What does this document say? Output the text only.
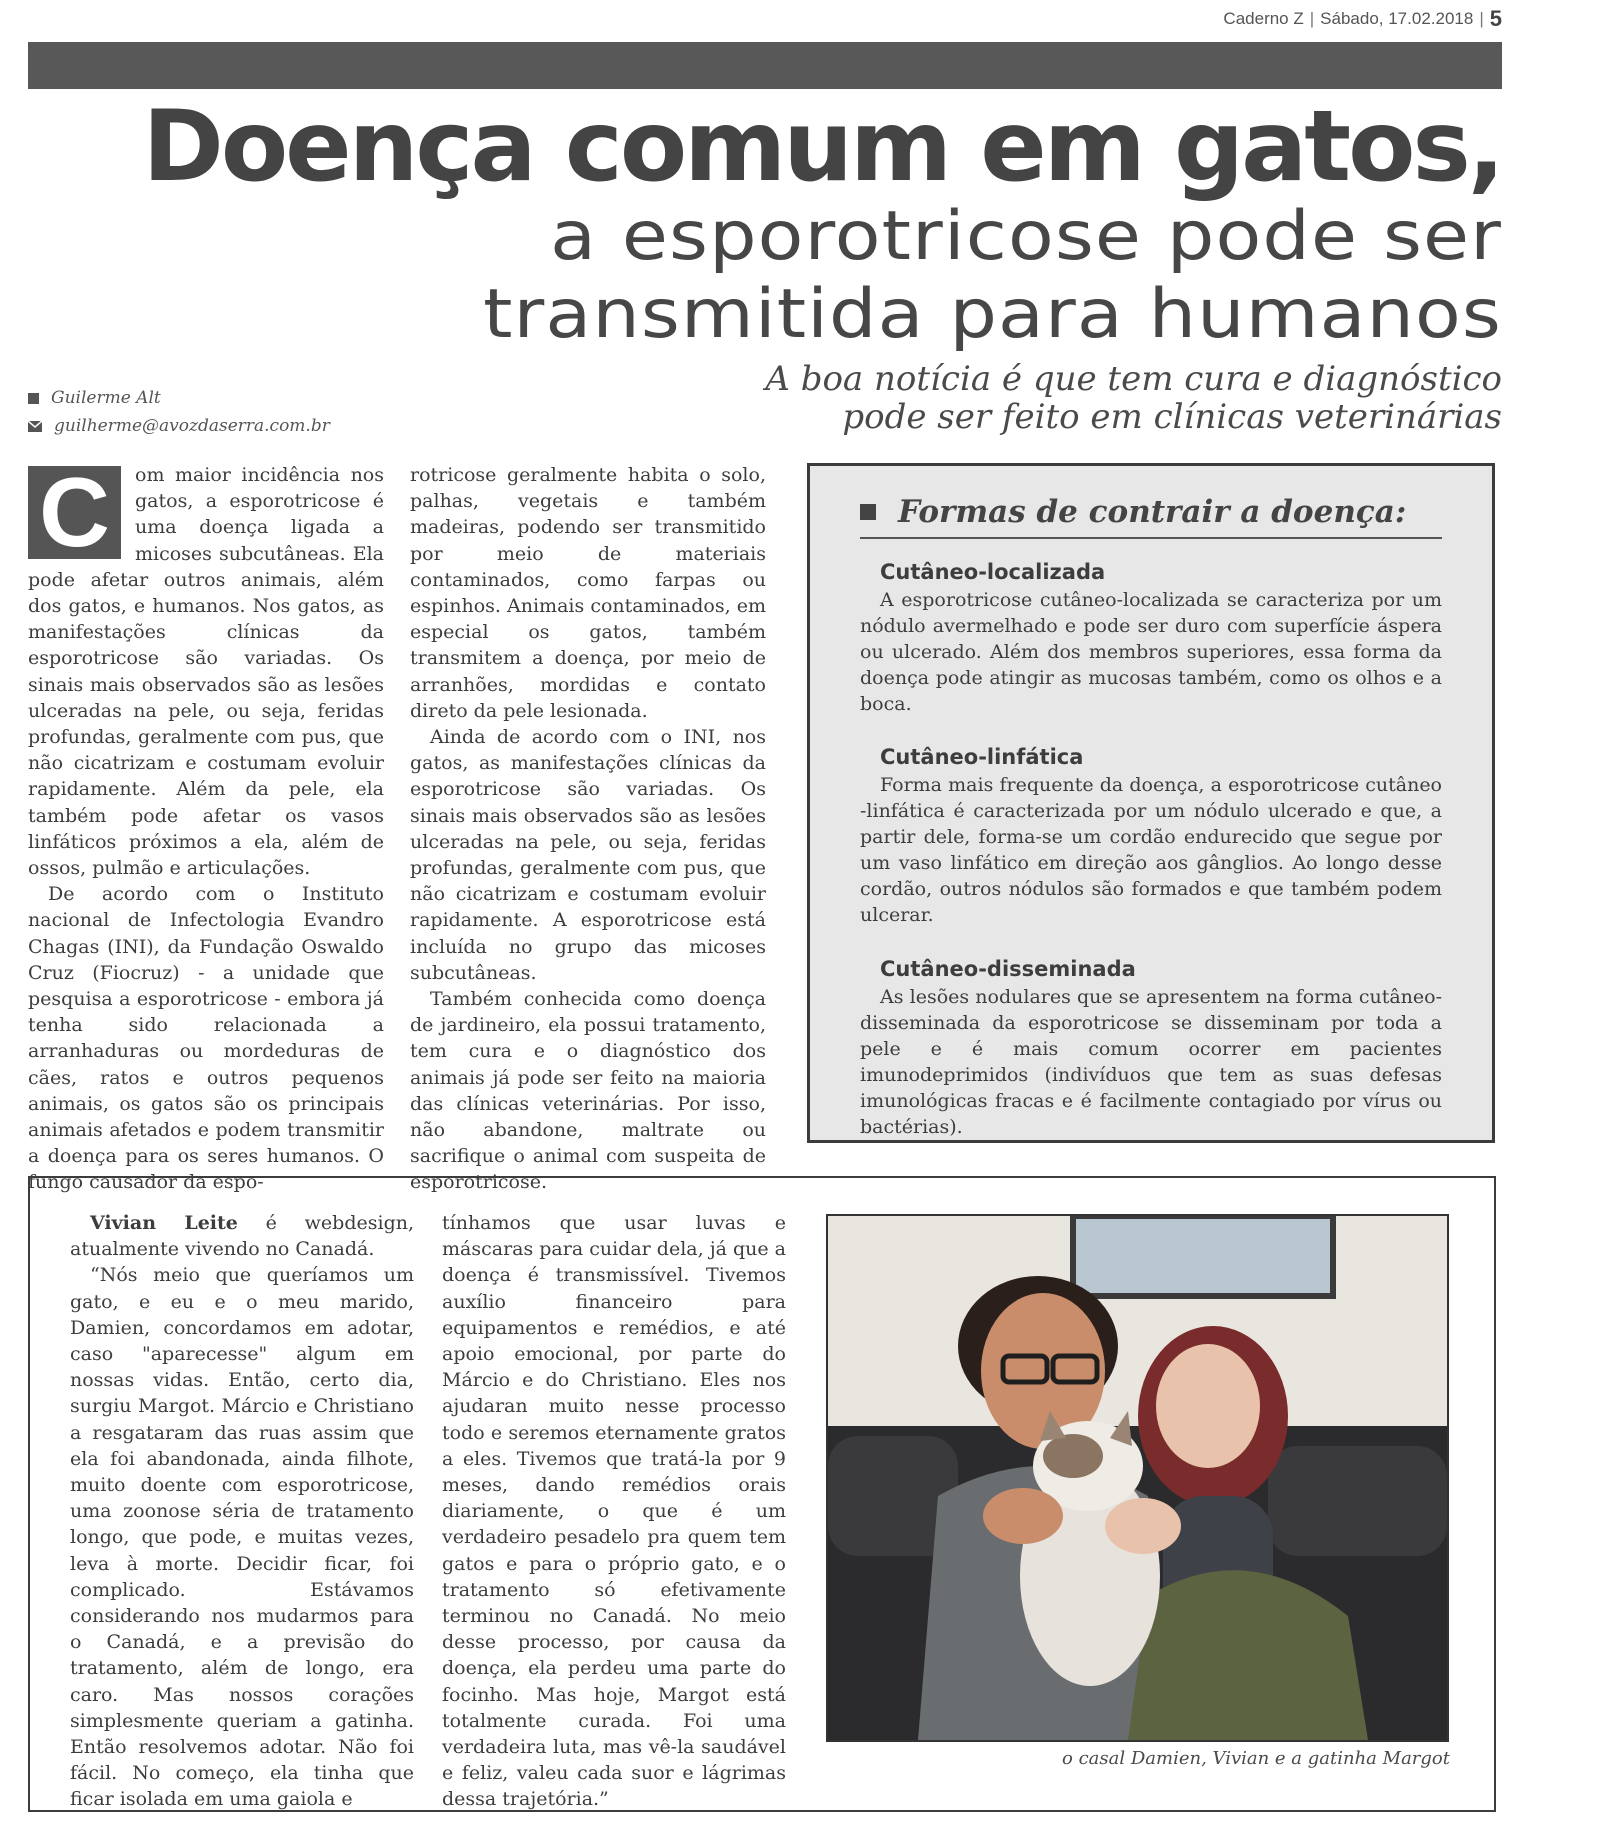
Caderno Z | Sábado, 17.02.2018 | 5
Doença comum em gatos,
a esporotricose pode ser
transmitida para humanos
Guilerme Alt
guilherme@avozdaserra.com.br
A boa notícia é que tem cura e diagnóstico
pode ser feito em clínicas veterinárias
C	om maior incidência nos gatos, a esporotricose é uma doença ligada a micoses subcutâneas. Ela pode afetar outros animais, além dos gatos, e humanos. Nos gatos, as manifestações clínicas da esporotricose são variadas. Os sinais mais observados são as lesões ulceradas na pele, ou seja, feridas profundas, geralmente com pus, que não cicatrizam e costumam evoluir rapidamente. Além da pele, ela também pode afetar os vasos linfáticos próximos a ela, além de ossos, pulmão e articulações.

De acordo com o Instituto nacional de Infectologia Evandro Chagas (INI), da Fundação Oswaldo Cruz (Fiocruz) - a unidade que pesquisa a esporotricose - embora já tenha sido relacionada a arranhaduras ou mordeduras de cães, ratos e outros pequenos animais, os gatos são os principais animais afetados e podem transmitir a doença para os seres humanos. O fungo causador da espo-

rotricose geralmente habita o solo, palhas, vegetais e também madeiras, podendo ser transmitido por meio de materiais contaminados, como farpas ou espinhos. Animais contaminados, em especial os gatos, também transmitem a doença, por meio de arranhões, mordidas e contato direto da pele lesionada.

Ainda de acordo com o INI, nos gatos, as manifestações clínicas da esporotricose são variadas. Os sinais mais observados são as lesões ulceradas na pele, ou seja, feridas profundas, geralmente com pus, que não cicatrizam e costumam evoluir rapidamente. A esporotricose está incluída no grupo das micoses subcutâneas.

Também conhecida como doença de jardineiro, ela possui tratamento, tem cura e o diagnóstico dos animais já pode ser feito na maioria das clínicas veterinárias. Por isso, não abandone, maltrate ou sacrifique o animal com suspeita de esporotricose.

Formas de contrair a doença:
Cutâneo-localizada

A esporotricose cutâneo-localizada se caracteriza por um nódulo avermelhado e pode ser duro com superfície áspera ou ulcerado. Além dos membros superiores, essa forma da doença pode atingir as mucosas também, como os olhos e a boca.

Cutâneo-linfática

Forma mais frequente da doença, a esporotricose cutâneo -linfática é caracterizada por um nódulo ulcerado e que, a partir dele, forma-se um cordão endurecido que segue por um vaso linfático em direção aos gânglios. Ao longo desse cordão, outros nódulos são formados e que também podem ulcerar.

Cutâneo-disseminada

As lesões nodulares que se apresentem na forma cutâneo-disseminada da esporotricose se disseminam por toda a pele e é mais comum ocorrer em pacientes imunodeprimidos (indivíduos que tem as suas defesas imunológicas fracas e é facilmente contagiado por vírus ou bactérias).

Vivian Leite é webdesign, atualmente vivendo no Canadá.

“Nós meio que queríamos um gato, e eu e o meu marido, Damien, concordamos em adotar, caso "aparecesse" algum em nossas vidas. Então, certo dia, surgiu Margot. Márcio e Christiano a resgataram das ruas assim que ela foi abandonada, ainda filhote, muito doente com esporotricose, uma zoonose séria de tratamento longo, que pode, e muitas vezes, leva à morte. Decidir ficar, foi complicado. Estávamos considerando nos mudarmos para o Canadá, e a previsão do tratamento, além de longo, era caro. Mas nossos corações simplesmente queriam a gatinha. Então resolvemos adotar. Não foi fácil. No começo, ela tinha que ficar isolada em uma gaiola e

tínhamos que usar luvas e máscaras para cuidar dela, já que a doença é transmissível. Tivemos auxílio financeiro para equipamentos e remédios, e até apoio emocional, por parte do Márcio e do Christiano. Eles nos ajudaran muito nesse processo todo e seremos eternamente gratos a eles. Tivemos que tratá-la por 9 meses, dando remédios orais diariamente, o que é um verdadeiro pesadelo pra quem tem gatos e para o próprio gato, e o tratamento só efetivamente terminou no Canadá. No meio desse processo, por causa da doença, ela perdeu uma parte do focinho. Mas hoje, Margot está totalmente curada. Foi uma verdadeira luta, mas vê-la saudável e feliz, valeu cada suor e lágrimas dessa trajetória.”

o casal Damien, Vivian e a gatinha Margot
